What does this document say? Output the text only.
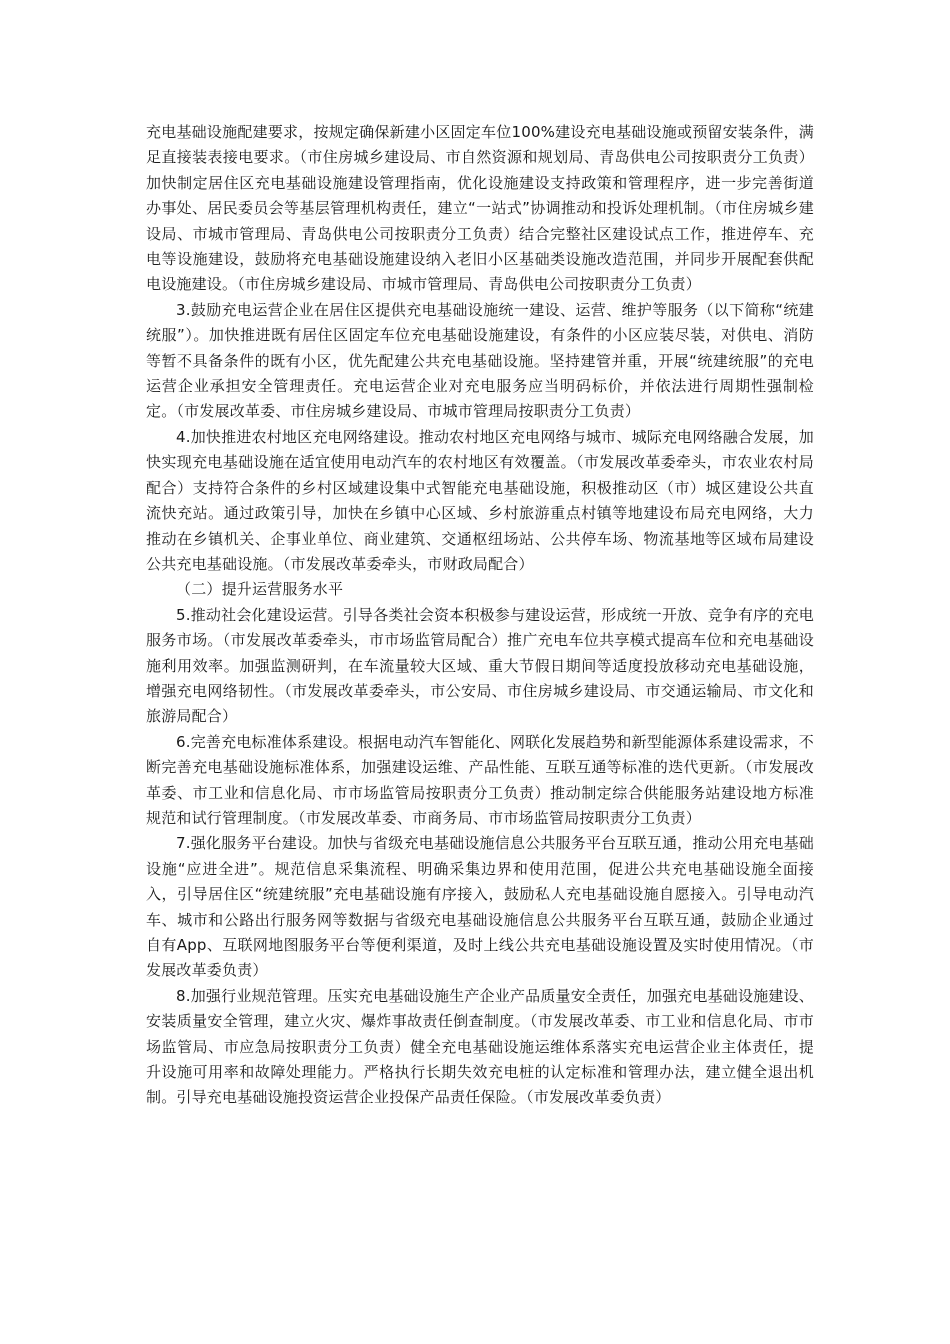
充电基础设施配建要求，按规定确保新建小区固定车位100%建设充电基础设施或预留安装条件，满足直接装表接电要求。（市住房城乡建设局、市自然资源和规划局、青岛供电公司按职责分工负责）加快制定居住区充电基础设施建设管理指南，优化设施建设支持政策和管理程序，进一步完善街道办事处、居民委员会等基层管理机构责任，建立“一站式”协调推动和投诉处理机制。（市住房城乡建设局、市城市管理局、青岛供电公司按职责分工负责）结合完整社区建设试点工作，推进停车、充电等设施建设，鼓励将充电基础设施建设纳入老旧小区基础类设施改造范围，并同步开展配套供配电设施建设。（市住房城乡建设局、市城市管理局、青岛供电公司按职责分工负责）

3.鼓励充电运营企业在居住区提供充电基础设施统一建设、运营、维护等服务（以下简称“统建统服”）。加快推进既有居住区固定车位充电基础设施建设，有条件的小区应装尽装，对供电、消防等暂不具备条件的既有小区，优先配建公共充电基础设施。坚持建管并重，开展“统建统服”的充电运营企业承担安全管理责任。充电运营企业对充电服务应当明码标价，并依法进行周期性强制检定。（市发展改革委、市住房城乡建设局、市城市管理局按职责分工负责）

4.加快推进农村地区充电网络建设。推动农村地区充电网络与城市、城际充电网络融合发展，加快实现充电基础设施在适宜使用电动汽车的农村地区有效覆盖。（市发展改革委牵头，市农业农村局配合）支持符合条件的乡村区域建设集中式智能充电基础设施，积极推动区（市）城区建设公共直流快充站。通过政策引导，加快在乡镇中心区域、乡村旅游重点村镇等地建设布局充电网络，大力推动在乡镇机关、企事业单位、商业建筑、交通枢纽场站、公共停车场、物流基地等区域布局建设公共充电基础设施。（市发展改革委牵头，市财政局配合）

（二）提升运营服务水平

5.推动社会化建设运营。引导各类社会资本积极参与建设运营，形成统一开放、竞争有序的充电服务市场。（市发展改革委牵头，市市场监管局配合）推广充电车位共享模式提高车位和充电基础设施利用效率。加强监测研判，在车流量较大区域、重大节假日期间等适度投放移动充电基础设施，增强充电网络韧性。（市发展改革委牵头，市公安局、市住房城乡建设局、市交通运输局、市文化和旅游局配合）

6.完善充电标准体系建设。根据电动汽车智能化、网联化发展趋势和新型能源体系建设需求，不断完善充电基础设施标准体系，加强建设运维、产品性能、互联互通等标准的迭代更新。（市发展改革委、市工业和信息化局、市市场监管局按职责分工负责）推动制定综合供能服务站建设地方标准规范和试行管理制度。（市发展改革委、市商务局、市市场监管局按职责分工负责）

7.强化服务平台建设。加快与省级充电基础设施信息公共服务平台互联互通，推动公用充电基础设施“应进全进”。规范信息采集流程、明确采集边界和使用范围，促进公共充电基础设施全面接入，引导居住区“统建统服”充电基础设施有序接入，鼓励私人充电基础设施自愿接入。引导电动汽车、城市和公路出行服务网等数据与省级充电基础设施信息公共服务平台互联互通，鼓励企业通过自有App、互联网地图服务平台等便利渠道，及时上线公共充电基础设施设置及实时使用情况。（市发展改革委负责）

8.加强行业规范管理。压实充电基础设施生产企业产品质量安全责任，加强充电基础设施建设、安装质量安全管理，建立火灾、爆炸事故责任倒查制度。（市发展改革委、市工业和信息化局、市市场监管局、市应急局按职责分工负责）健全充电基础设施运维体系落实充电运营企业主体责任，提升设施可用率和故障处理能力。严格执行长期失效充电桩的认定标准和管理办法，建立健全退出机制。引导充电基础设施投资运营企业投保产品责任保险。（市发展改革委负责）
